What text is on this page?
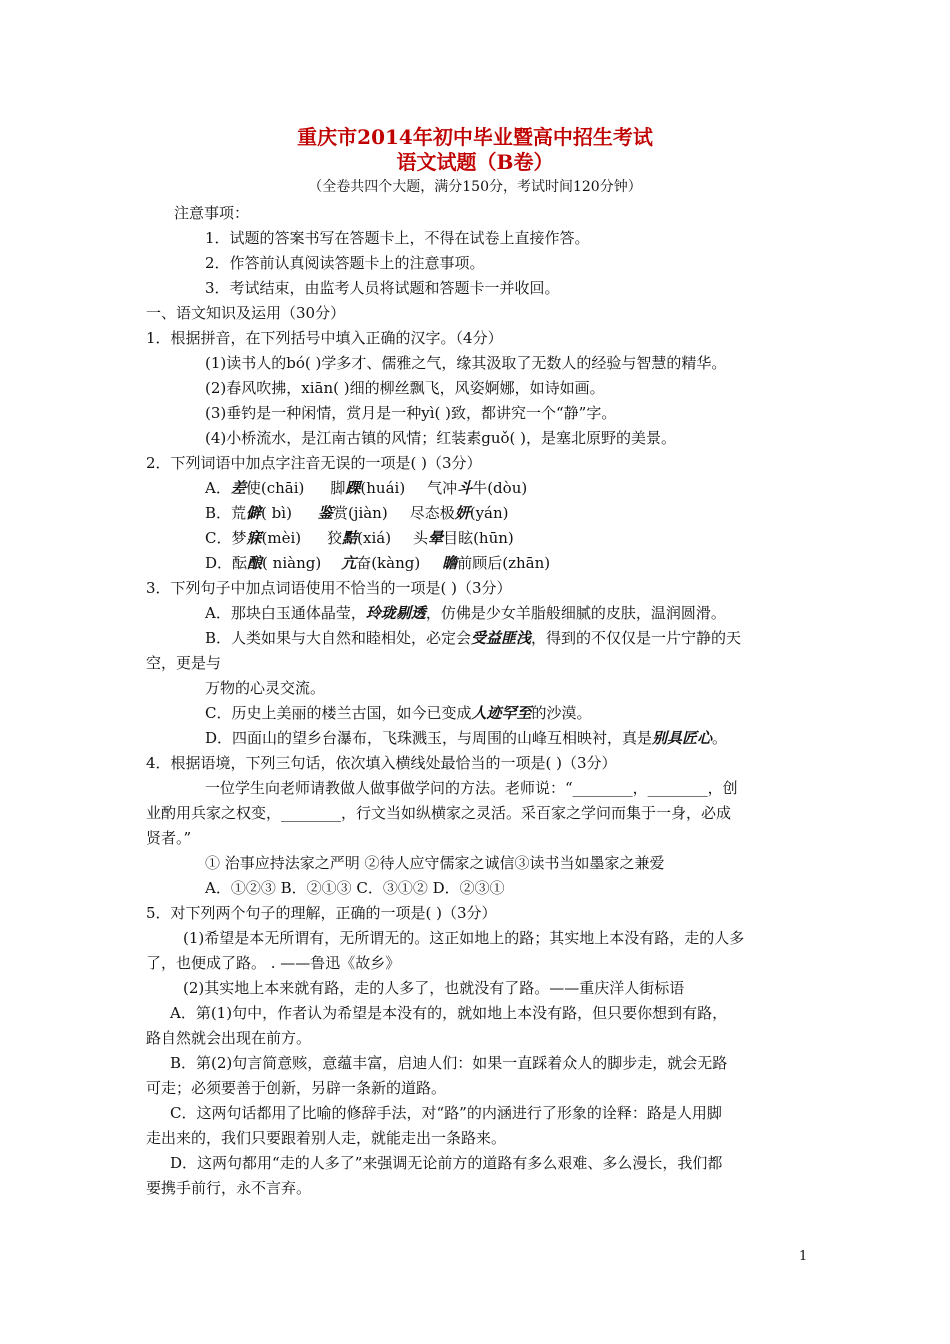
重庆市2014年初中毕业暨高中招生考试
语文试题（B卷）
（全卷共四个大题，满分150分，考试时间120分钟）
注意事项：
1．试题的答案书写在答题卡上，不得在试卷上直接作答。
2．作答前认真阅读答题卡上的注意事项。
3．考试结束，由监考人员将试题和答题卡一并收回。
一、语文知识及运用（30分）
1．根据拼音，在下列括号中填入正确的汉字。（4分）
(1)读书人的bó( )学多才、儒雅之气，缘其汲取了无数人的经验与智慧的精华。
(2)春风吹拂，xiān( )细的柳丝飘飞，风姿婀娜，如诗如画。
(3)垂钓是一种闲情，赏月是一种yì( )致，都讲究一个“静”字。
(4)小桥流水，是江南古镇的风情；红装素guǒ( )，是塞北原野的美景。
2．下列词语中加点字注音无误的一项是( )（3分）
A．差使(chāi) 脚踝(huái) 气冲斗牛(dòu)
B．荒僻( bì) 鉴赏(jiàn) 尽态极妍(yán)
C．梦寐(mèi) 狡黠(xiá) 头晕目眩(hūn)
D．酝酿( niàng) 亢奋(kàng) 瞻前顾后(zhān)
3．下列句子中加点词语使用不恰当的一项是( )（3分）
A．那块白玉通体晶莹，玲珑剔透，仿佛是少女羊脂般细腻的皮肤，温润圆滑。
B．人类如果与大自然和睦相处，必定会受益匪浅，得到的不仅仅是一片宁静的天
空，更是与
万物的心灵交流。
C．历史上美丽的楼兰古国，如今已变成人迹罕至的沙漠。
D．四面山的望乡台瀑布，飞珠溅玉，与周围的山峰互相映衬，真是别具匠心。
4．根据语境，下列三句话，依次填入横线处最恰当的一项是( )（3分）
一位学生向老师请教做人做事做学问的方法。老师说：“________，________，创
业酌用兵家之权变，________，行文当如纵横家之灵活。采百家之学问而集于一身，必成
贤者。”
① 治事应持法家之严明 ②待人应守儒家之诚信③读书当如墨家之兼爱
A．①②③ B．②①③ C．③①② D．②③①
5．对下列两个句子的理解，正确的一项是( )（3分）
(1)希望是本无所谓有，无所谓无的。这正如地上的路；其实地上本没有路，走的人多
了，也便成了路。 . ——鲁迅《故乡》
(2)其实地上本来就有路，走的人多了，也就没有了路。——重庆洋人街标语
A．第(1)句中，作者认为希望是本没有的，就如地上本没有路，但只要你想到有路，
路自然就会出现在前方。
B．第(2)句言简意赅，意蕴丰富，启迪人们：如果一直踩着众人的脚步走，就会无路
可走；必须要善于创新，另辟一条新的道路。
C．这两句话都用了比喻的修辞手法，对“路”的内涵进行了形象的诠释：路是人用脚
走出来的，我们只要跟着别人走，就能走出一条路来。
D．这两句都用“走的人多了”来强调无论前方的道路有多么艰难、多么漫长，我们都
要携手前行，永不言弃。
1
